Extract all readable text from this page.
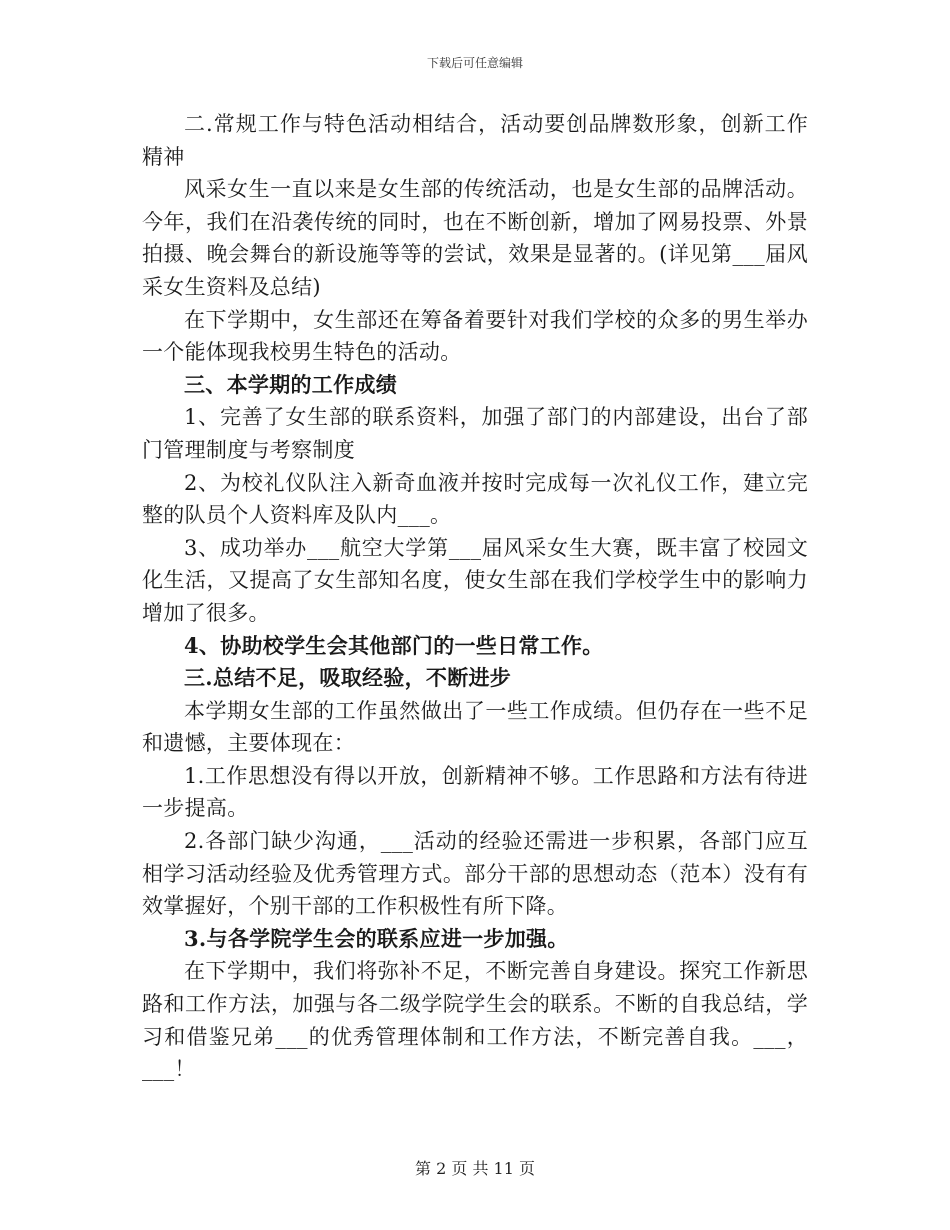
下载后可任意编辑

二.常规工作与特色活动相结合，活动要创品牌数形象，创新工作精神

风采女生一直以来是女生部的传统活动，也是女生部的品牌活动。今年，我们在沿袭传统的同时，也在不断创新，增加了网易投票、外景拍摄、晚会舞台的新设施等等的尝试，效果是显著的。(详见第___届风采女生资料及总结)

在下学期中，女生部还在筹备着要针对我们学校的众多的男生举办一个能体现我校男生特色的活动。

三、本学期的工作成绩

1、完善了女生部的联系资料，加强了部门的内部建设，出台了部门管理制度与考察制度

2、为校礼仪队注入新奇血液并按时完成每一次礼仪工作，建立完整的队员个人资料库及队内___。

3、成功举办___航空大学第___届风采女生大赛，既丰富了校园文化生活，又提高了女生部知名度，使女生部在我们学校学生中的影响力增加了很多。

4、协助校学生会其他部门的一些日常工作。

三.总结不足，吸取经验，不断进步

本学期女生部的工作虽然做出了一些工作成绩。但仍存在一些不足和遗憾，主要体现在：

1.工作思想没有得以开放，创新精神不够。工作思路和方法有待进一步提高。

2.各部门缺少沟通，___活动的经验还需进一步积累，各部门应互相学习活动经验及优秀管理方式。部分干部的思想动态（范本）没有有效掌握好，个别干部的工作积极性有所下降。

3.与各学院学生会的联系应进一步加强。

在下学期中，我们将弥补不足，不断完善自身建设。探究工作新思路和工作方法，加强与各二级学院学生会的联系。不断的自我总结，学习和借鉴兄弟___的优秀管理体制和工作方法，不断完善自我。___，___！

第 2 页 共 11 页
